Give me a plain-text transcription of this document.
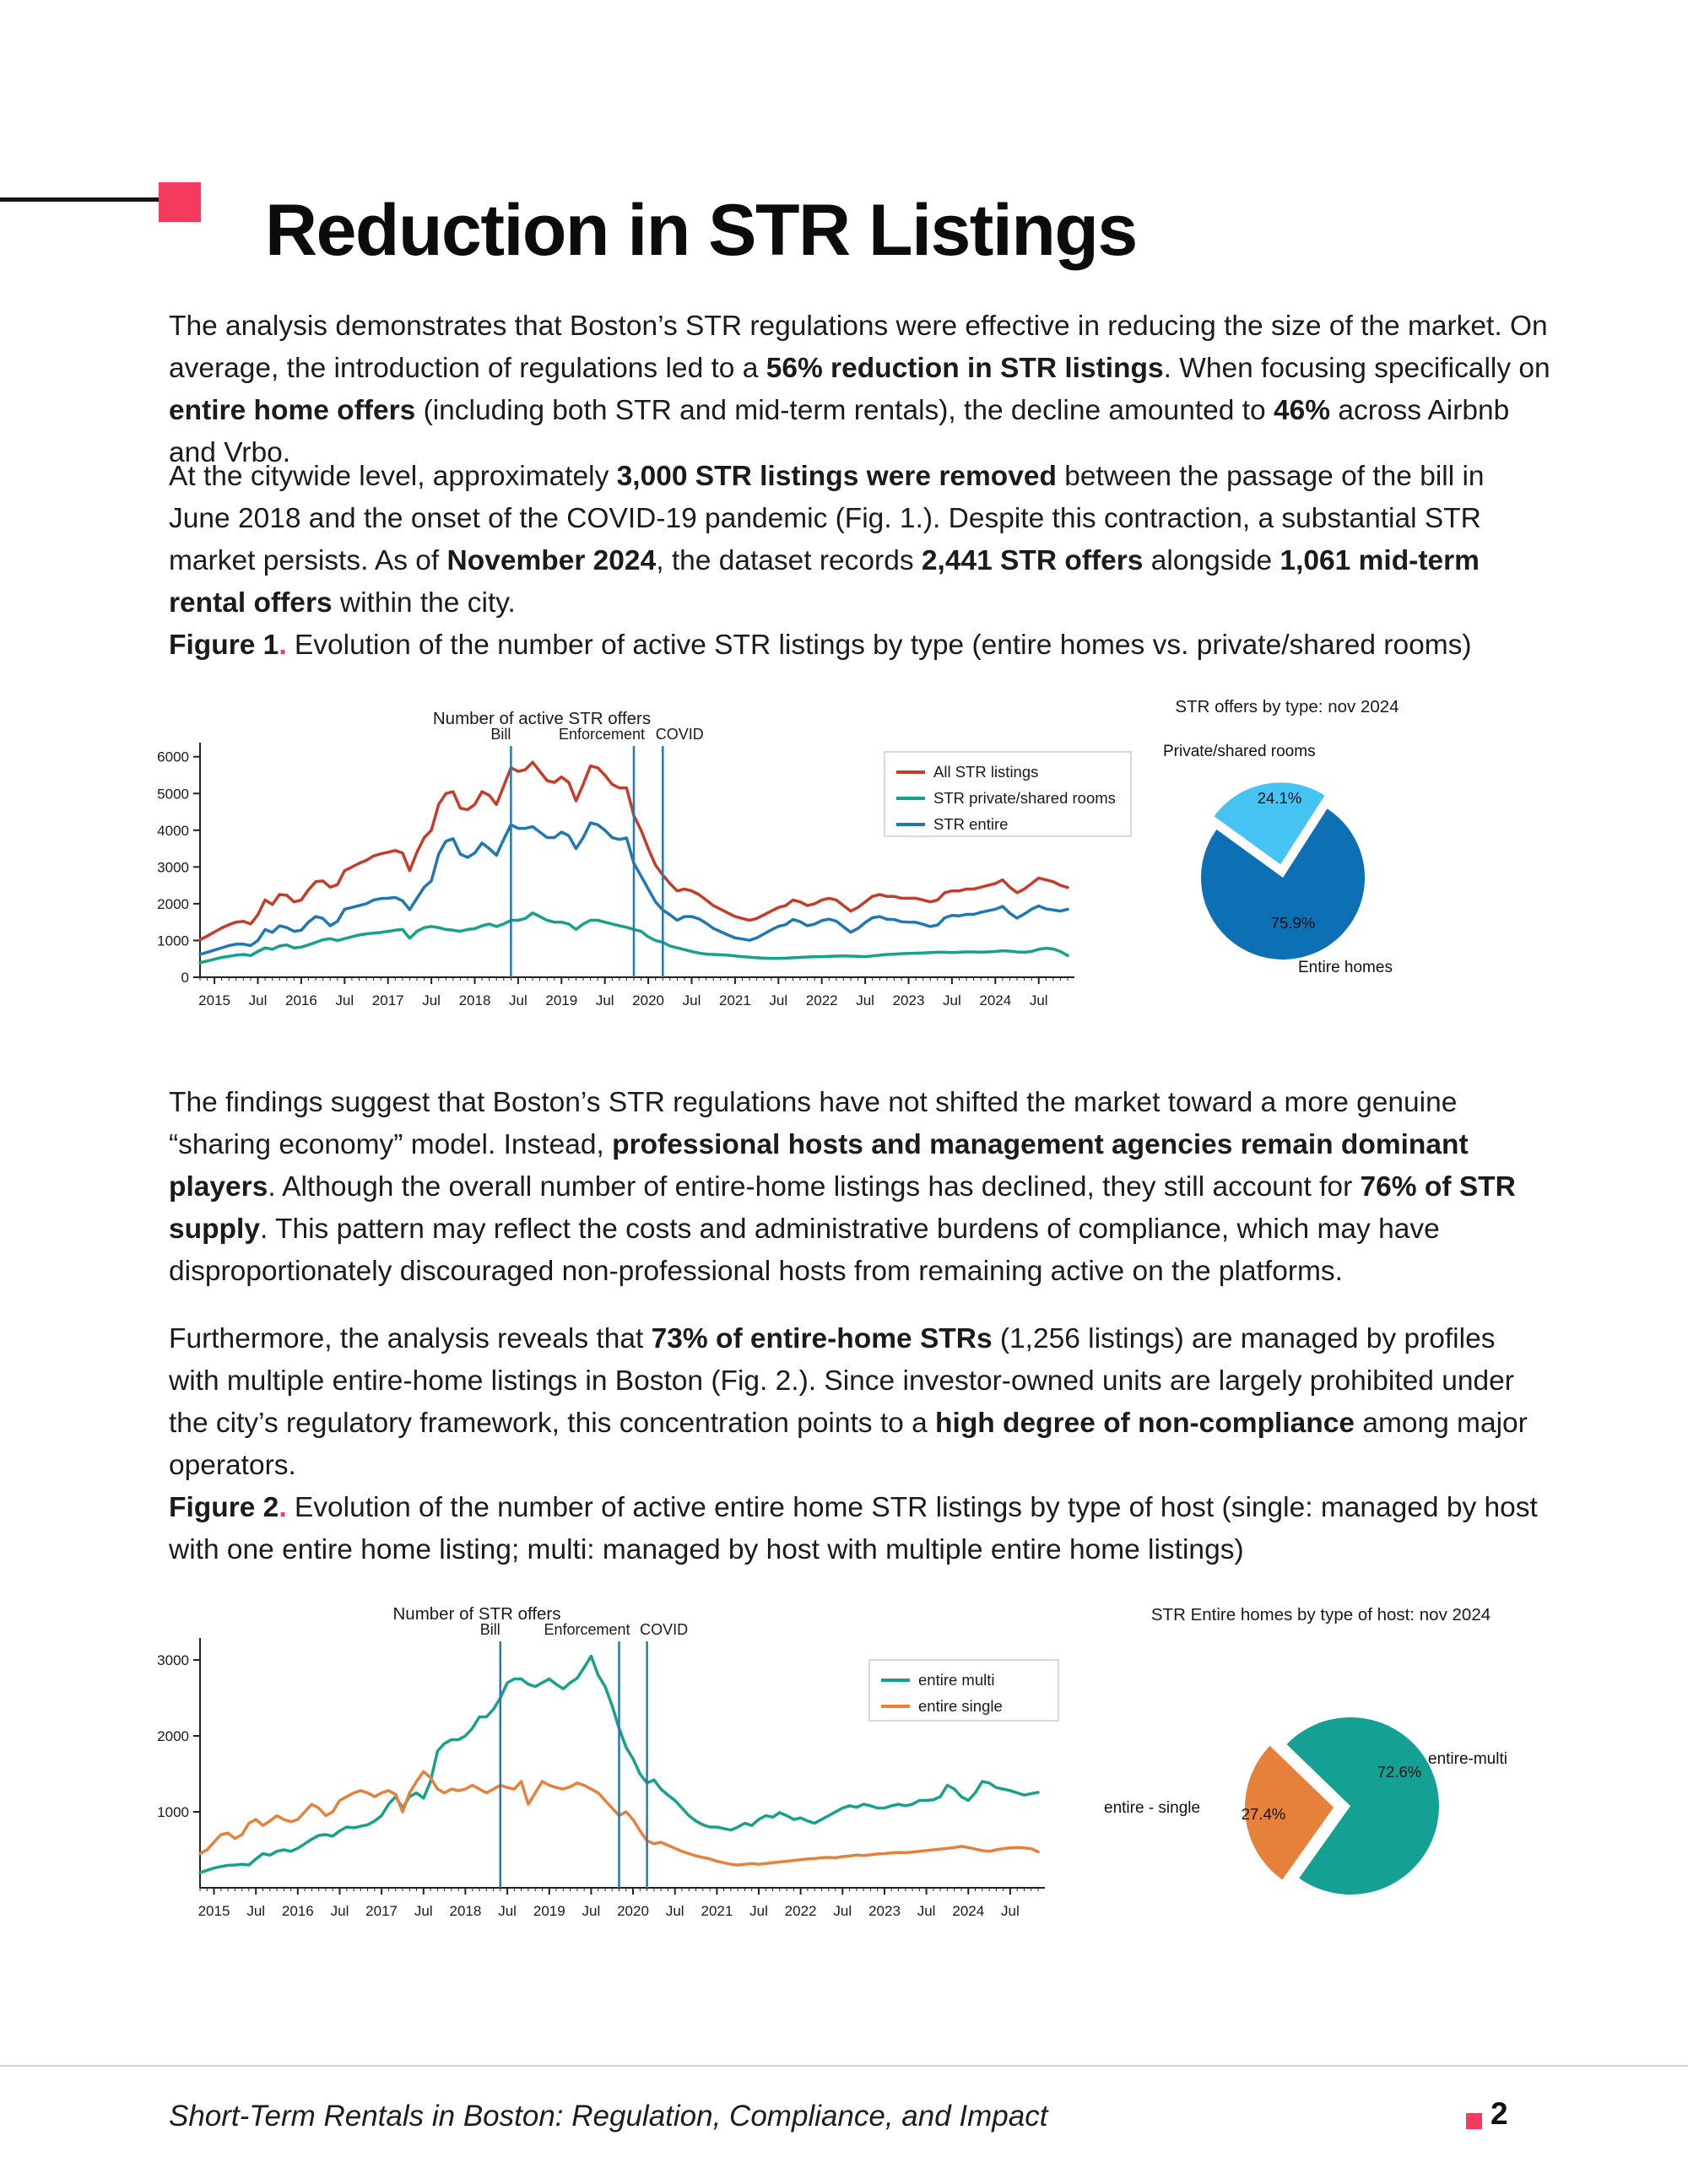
Reduction in STR Listings
The analysis demonstrates that Boston’s STR regulations were effective in reducing the size of the market. On average, the introduction of regulations led to a 56% reduction in STR listings. When focusing specifically on entire home offers (including both STR and mid-term rentals), the decline amounted to 46% across Airbnb and Vrbo.
At the citywide level, approximately 3,000 STR listings were removed between the passage of the bill in June 2018 and the onset of the COVID-19 pandemic (Fig. 1.). Despite this contraction, a substantial STR market persists. As of November 2024, the dataset records 2,441 STR offers alongside 1,061 mid-term rental offers within the city.
Figure 1. Evolution of the number of active STR listings by type (entire homes vs. private/shared rooms)
0
1000
2000
3000
4000
5000
6000
2015 Jul 2016 Jul 2017 Jul 2018 Jul 2019 Jul 2020 Jul 2021 Jul 2022 Jul 2023 Jul 2024 Jul
Bill	Enforcement COVID
All STR listings
STR private/shared rooms
STR entire
Number of active STR offers
75.9%
Entire homes
24.1%
Private/shared rooms
STR offers by type: nov 2024
The findings suggest that Boston’s STR regulations have not shifted the market toward a more genuine “sharing economy” model. Instead, professional hosts and management agencies remain dominant players. Although the overall number of entire-home listings has declined, they still account for 76% of STR supply. This pattern may reflect the costs and administrative burdens of compliance, which may have disproportionately discouraged non-professional hosts from remaining active on the platforms.
Furthermore, the analysis reveals that 73% of entire-home STRs (1,256 listings) are managed by profiles with multiple entire-home listings in Boston (Fig. 2.). Since investor-owned units are largely prohibited under the city’s regulatory framework, this concentration points to a high degree of non-compliance among major operators.
Figure 2. Evolution of the number of active entire home STR listings by type of host (single: managed by host with one entire home listing; multi: managed by host with multiple entire home listings)
1000
2000
3000
2015 Jul 2016 Jul 2017 Jul 2018 Jul 2019 Jul 2020 Jul 2021 Jul 2022 Jul 2023 Jul 2024 Jul
Bill	Enforcement COVID
entire multi
entire single
Number of STR offers
72.6%
entire-multi
27.4%
entire - single
STR Entire homes by type of host: nov 2024
Short-Term Rentals in Boston: Regulation, Compliance, and Impact	2
